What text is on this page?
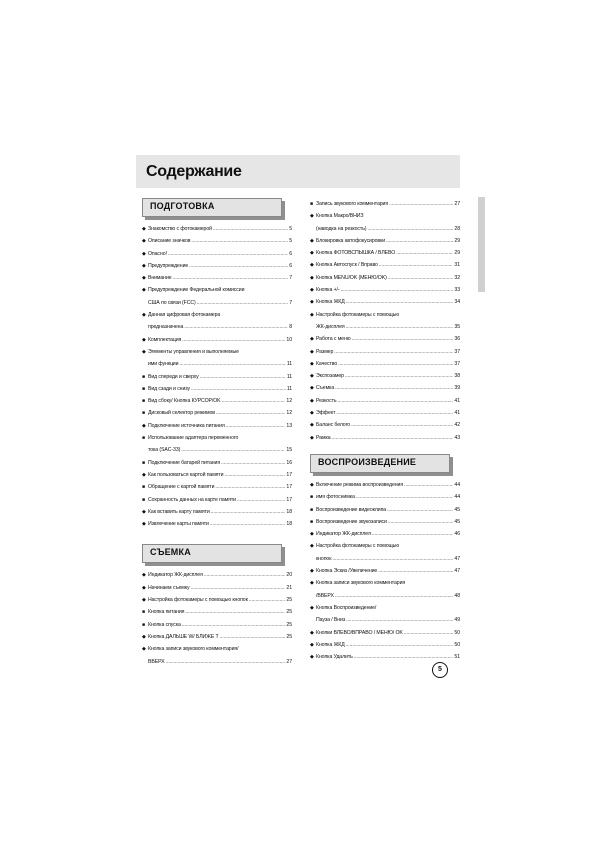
Содержание
ПОДГОТОВКА
◆ Знакомство с фотокамерой .....	5
◆ Описание значков .....	5
◆ Опасно! .....	6
◆ Предупреждение .....	6
◆ Внимание .....	7
◆ Предупреждение Федеральной комиссии
США по связи (FCC) .....	7
◆ Данная цифровая фотокамера
предназначена .....	8
◆ Комплектация .....	10
◆ Элементы управления и выполняемые
ими функции .....	11
■ Вид спереди и сверху .....	11
■ Вид сзади и снизу .....	11
■ Вид сбоку/ Кнопка КУРСОР/OK .....	12
■ Дисковый селектор режимов .....	12
◆ Подключение источника питания .....	13
■ Использование адаптера переменного
тока (SAC-33) .....	15
■ Подключение батарей питания .....	16
◆ Как пользоваться картой памяти .....	17
■ Обращение с картой памяти .....	17
■ Сохранность данных на карте памяти .....	17
◆ Как вставить карту памяти .....	18
◆ Извлечение карты памяти .....	18
СЪЕМКА
◆ Индикатор ЖК-дисплея .....	20
◆ Начинаем съемку .....	21
◆ Настройка фотокамеры с помощью кнопок .....	25
■ Кнопка питания .....	25
■ Кнопка спуска .....	25
◆ Кнопка ДАЛЬШЕ W/ БЛИЖЕ T .....	25
◆ Кнопка записи звукового комментария/
ВВЕРХ .....	27
■ Запись звукового комментария .....	27
◆ Кнопка Макро/ВНИЗ
(наводка на резкость) .....	28
◆ Блокировка автофокусировки .....	29
◆ Кнопка ФОТОВСПЫШКА / ВЛЕВО .....	29
◆ Кнопка Автоспуск / Вправо .....	31
◆ Кнопка MENU/OK (МЕНЮ/OK) .....	32
◆ Кнопка +/- .....	33
◆ Кнопка ЖКД .....	34
◆ Настройка фотокамеры с помощью
ЖК-дисплея .....	35
◆ Работа с меню .....	36
◆ Размер .....	37
◆ Качество .....	37
◆ Экспозамер .....	38
◆ Съемка .....	39
◆ Резкость .....	41
◆ Эффект .....	41
◆ Баланс белого .....	42
◆ Рамка .....	43
ВОСПРОИЗВЕДЕНИЕ
◆ Включение режима воспроизведения .....	44
■ имя фотоснимка .....	44
■ Воспроизведение видеоклипа .....	45
■ Воспроизведение звукозаписи .....	45
◆ Индикатор ЖК-дисплея .....	46
◆ Настройка фотокамеры с помощью
кнопок .....	47
◆ Кнопка Эскиз /Увеличение .....	47
◆ Кнопка записи звукового комментария
/ВВЕРХ .....	48
◆ Кнопка Воспроизведение/
Пауза / Вниз .....	49
◆ Кнопки ВЛЕВО/ВПРАВО / МЕНЮ/ OK .....	50
◆ Кнопка ЖКД .....	50
◆ Кнопка Удалить .....	51
5
